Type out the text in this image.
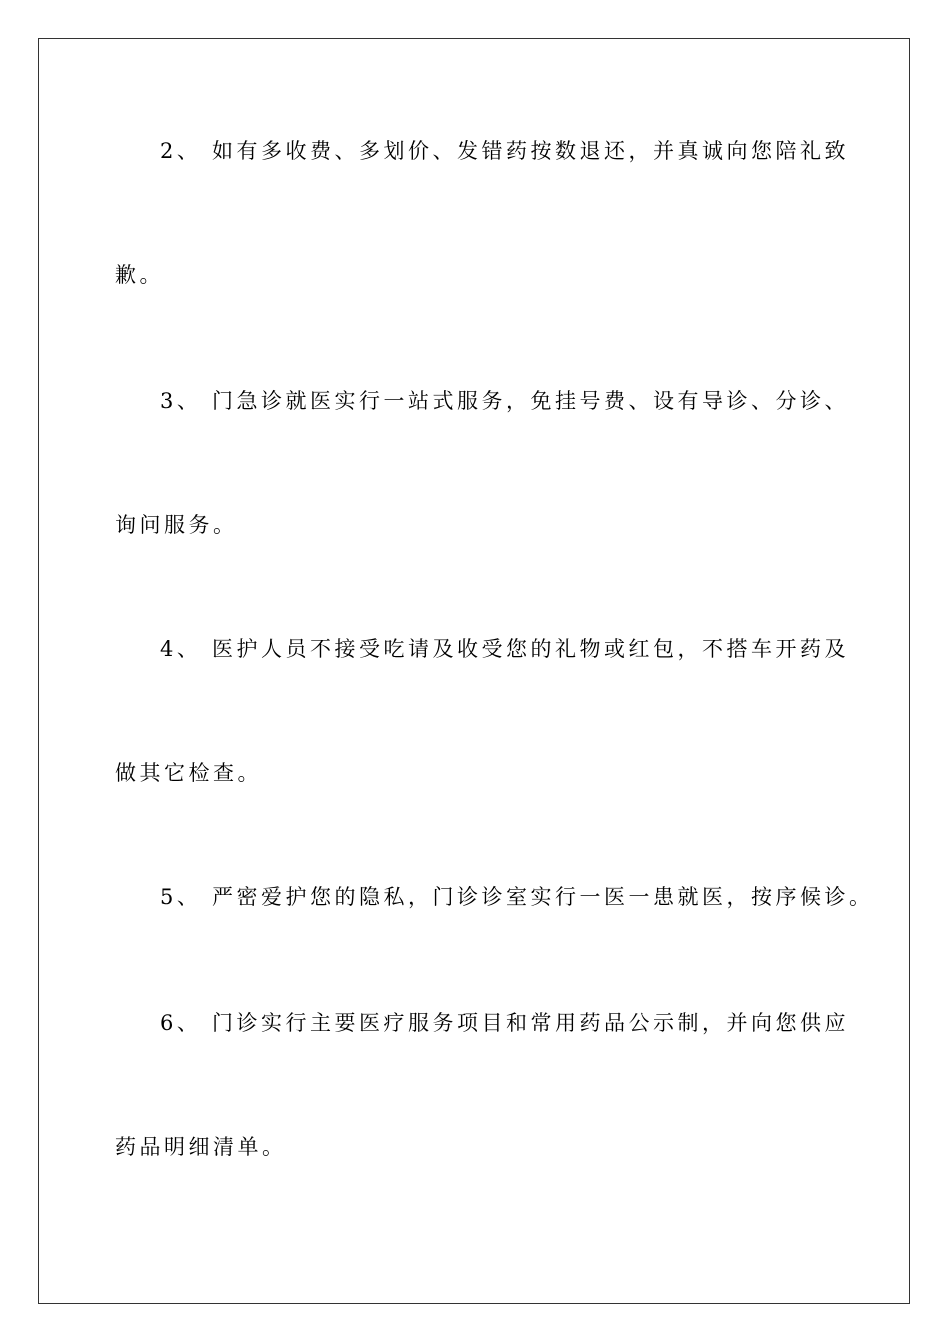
2、 如有多收费、多划价、发错药按数退还，并真诚向您陪礼致

歉。

3、 门急诊就医实行一站式服务，免挂号费、设有导诊、分诊、

询问服务。

4、 医护人员不接受吃请及收受您的礼物或红包，不搭车开药及

做其它检查。

5、 严密爱护您的隐私，门诊诊室实行一医一患就医，按序候诊。

6、 门诊实行主要医疗服务项目和常用药品公示制，并向您供应

药品明细清单。
